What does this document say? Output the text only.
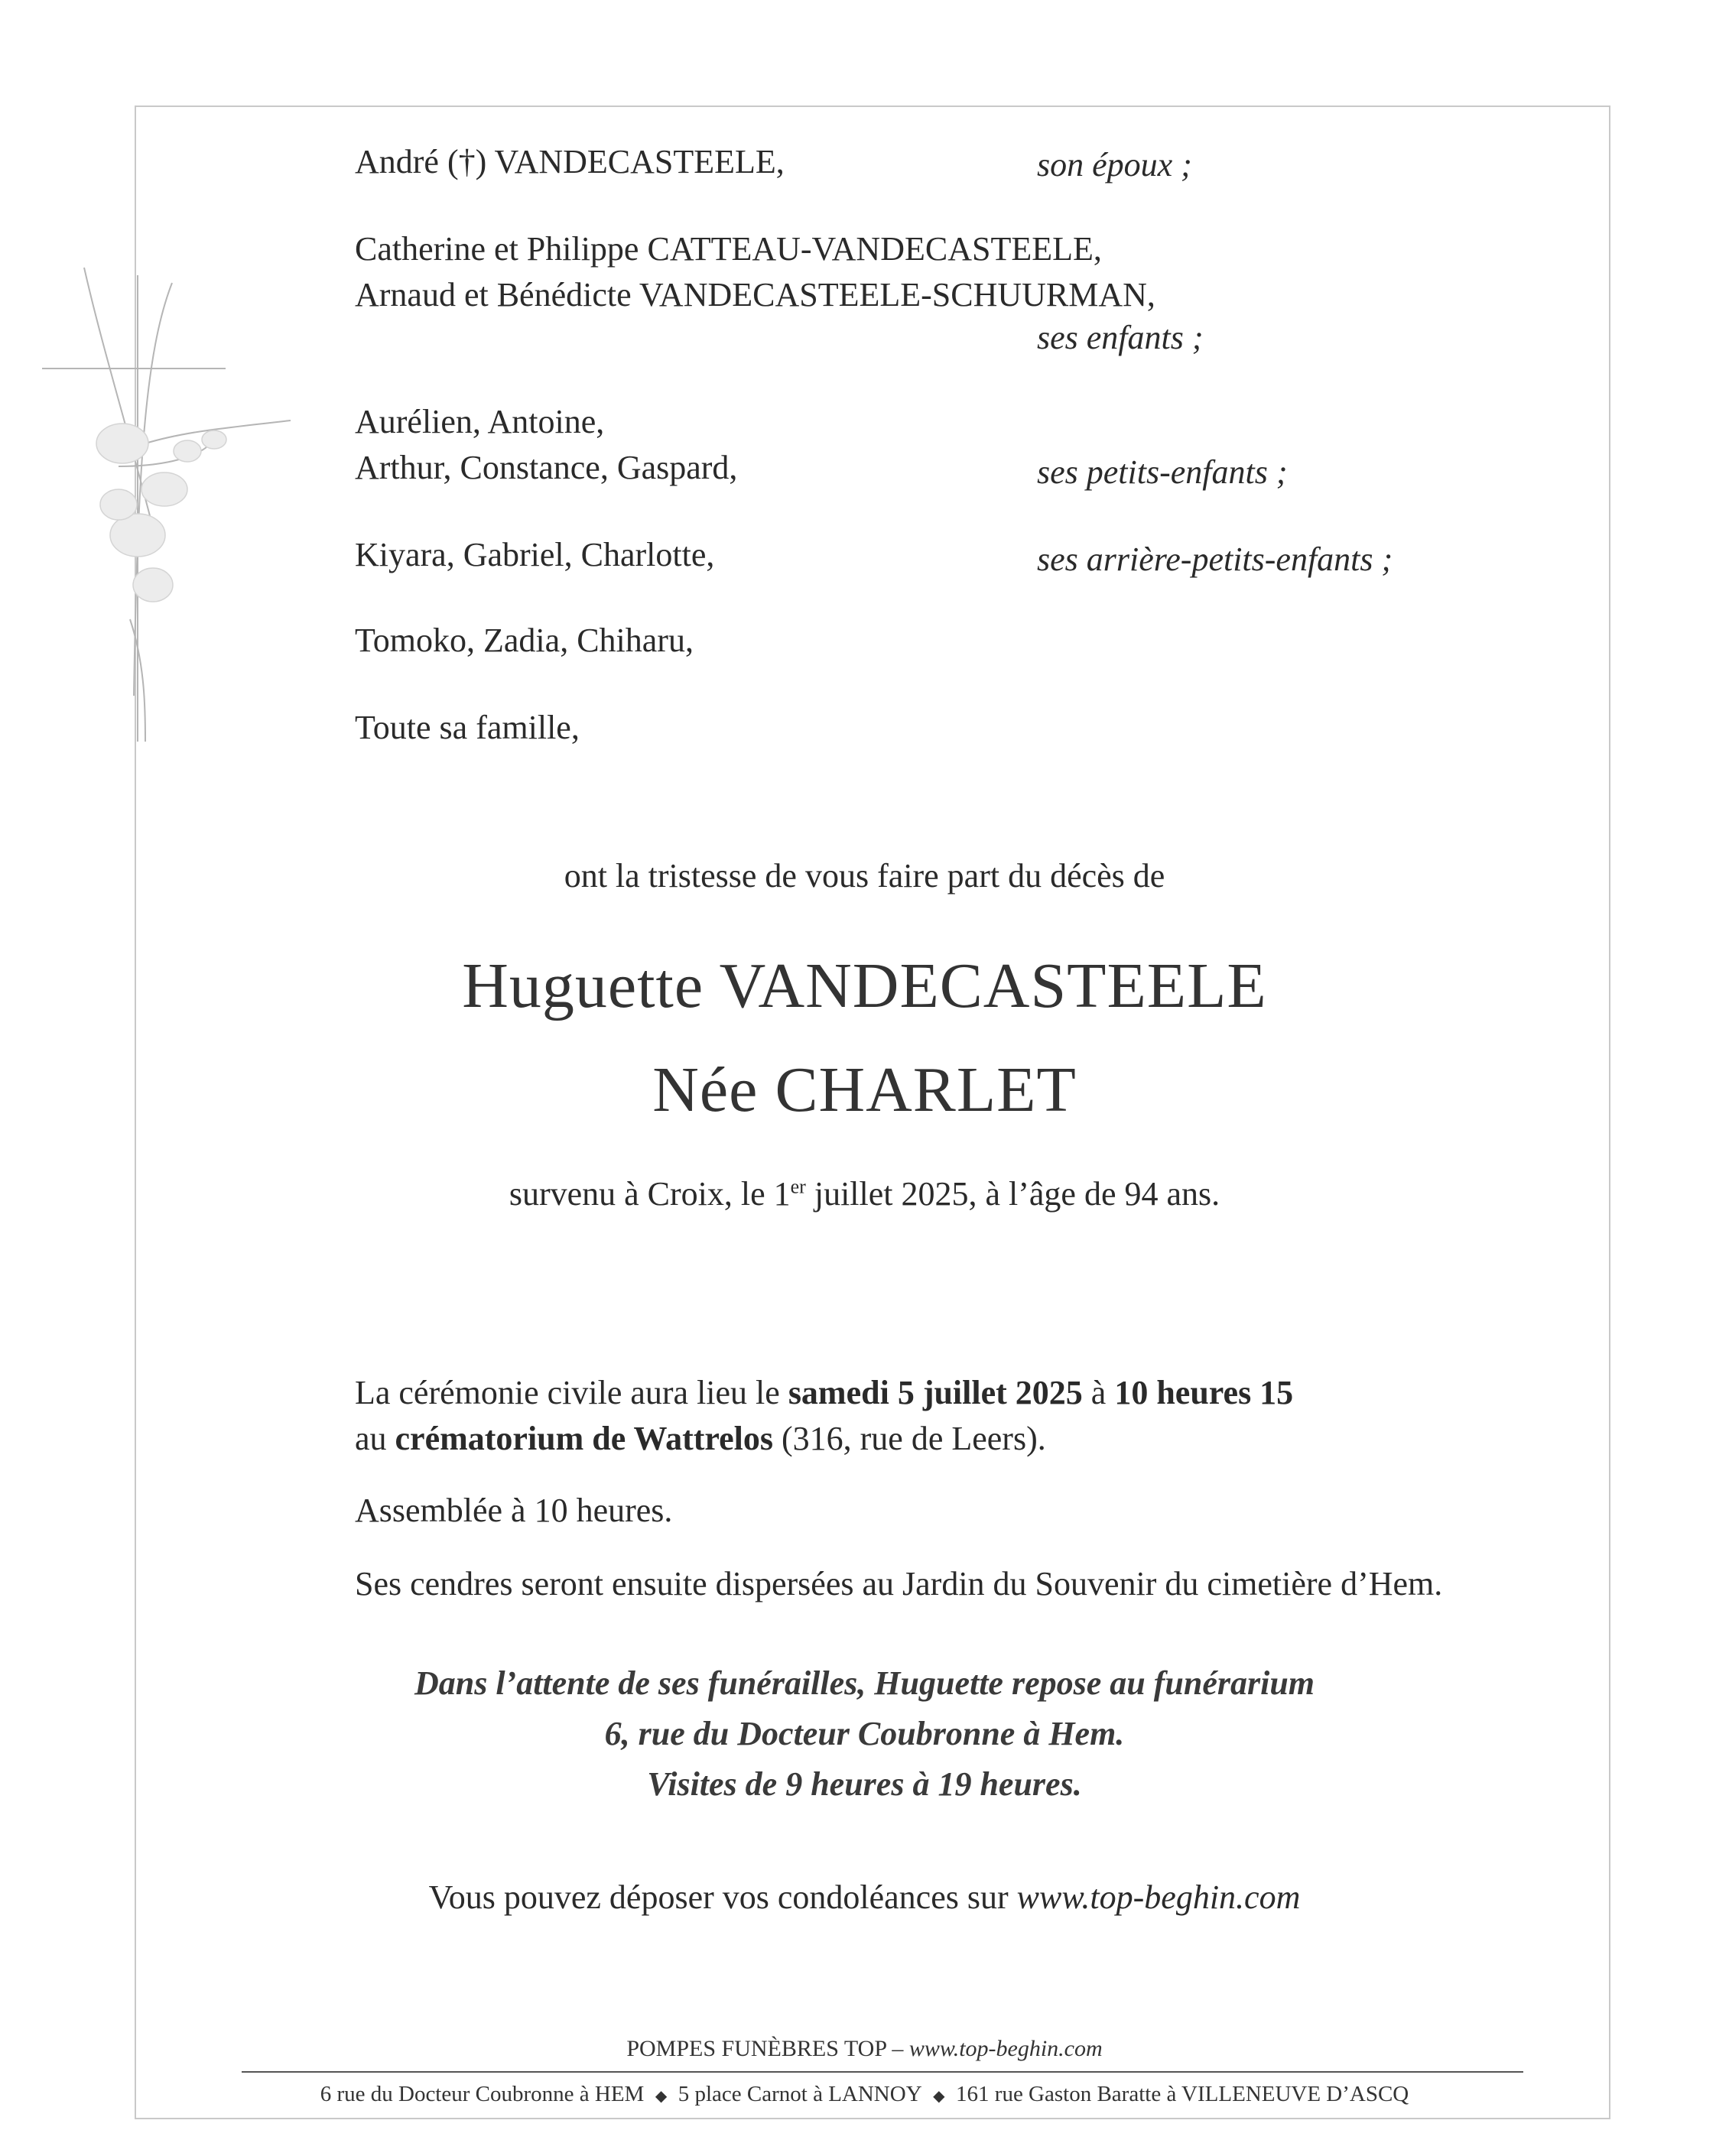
André (†) VANDECASTEELE,	son époux ;
Catherine et Philippe CATTEAU-VANDECASTEELE,
Arnaud et Bénédicte VANDECASTEELE-SCHUURMAN,
ses enfants ;
Aurélien, Antoine,
Arthur, Constance, Gaspard,	ses petits-enfants ;
Kiyara, Gabriel, Charlotte,	ses arrière-petits-enfants ;
Tomoko, Zadia, Chiharu,
Toute sa famille,
ont la tristesse de vous faire part du décès de
Huguette VANDECASTEELE
Née CHARLET
survenu à Croix, le 1er juillet 2025, à l’âge de 94 ans.
La cérémonie civile aura lieu le samedi 5 juillet 2025 à 10 heures 15
au crématorium de Wattrelos (316, rue de Leers).
Assemblée à 10 heures.
Ses cendres seront ensuite dispersées au Jardin du Souvenir du cimetière d’Hem.
Dans l’attente de ses funérailles, Huguette repose au funérarium
6, rue du Docteur Coubronne à Hem.
Visites de 9 heures à 19 heures.
Vous pouvez déposer vos condoléances sur www.top-beghin.com
POMPES FUNÈBRES TOP – www.top-beghin.com
6 rue du Docteur Coubronne à HEM ◆ 5 place Carnot à LANNOY ◆ 161 rue Gaston Baratte à VILLENEUVE D’ASCQ
